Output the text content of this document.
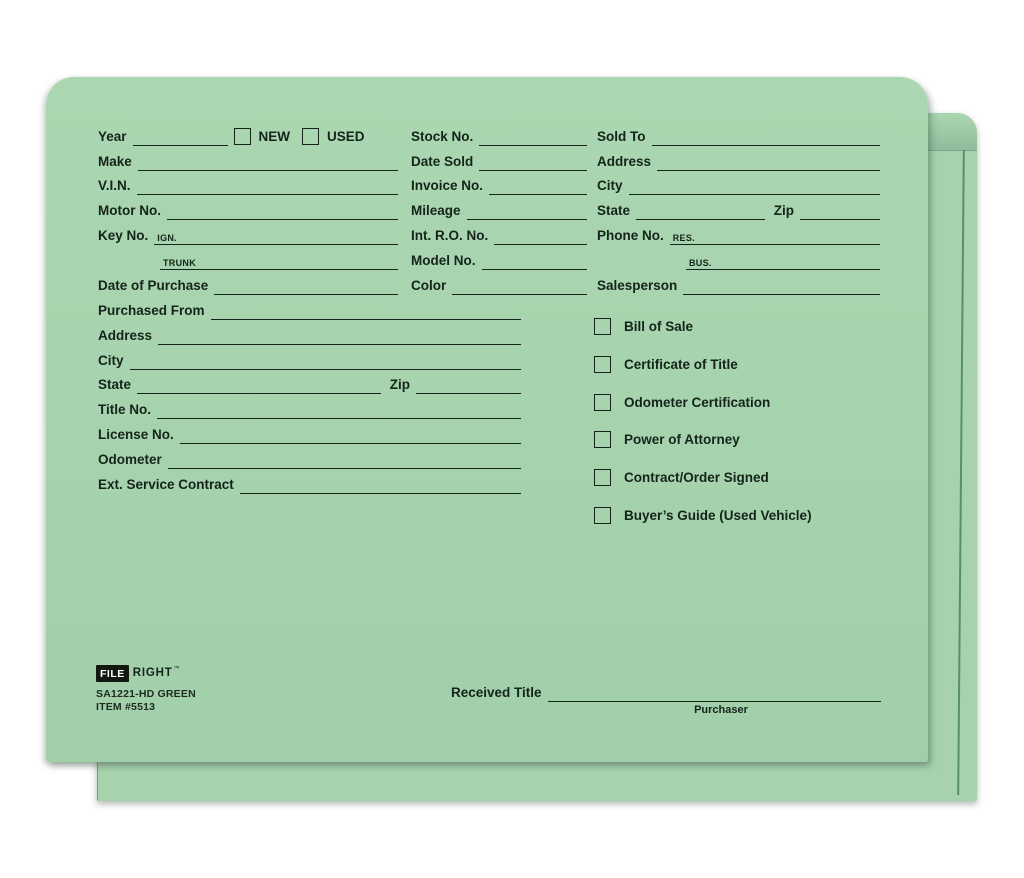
Year	NEW	USED
Make
V.I.N.
Motor No.
Key No.	IGN.
TRUNK
Date of Purchase
Purchased From
Address
City
State	Zip
Title No.
License No.
Odometer
Ext. Service Contract
Stock No.
Date Sold
Invoice No.
Mileage
Int. R.O. No.
Model No.
Color
Sold To
Address
City
State	Zip
Phone No.	RES.
BUS.
Salesperson
Bill of Sale
Certificate of Title
Odometer Certification
Power of Attorney
Contract/Order Signed
Buyer’s Guide (Used Vehicle)
FILE RIGHT ™
SA1221-HD GREEN
ITEM #5513
Received Title
Purchaser
